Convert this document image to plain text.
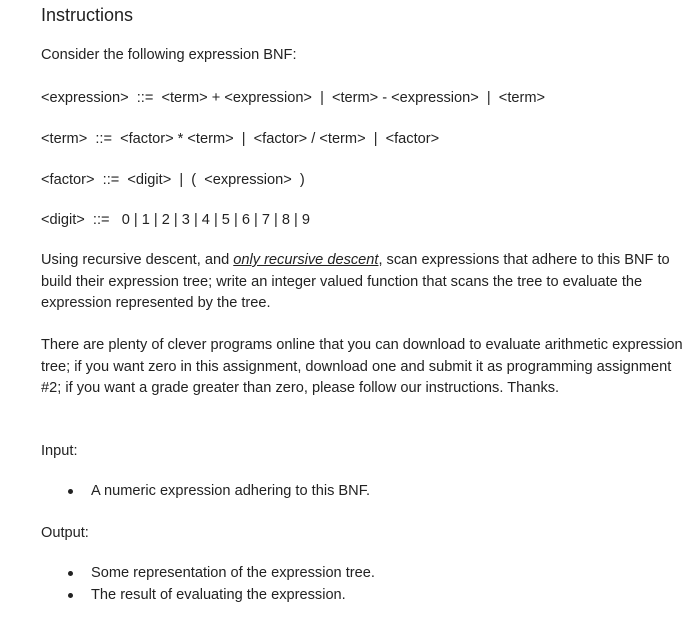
Instructions
Consider the following expression BNF:
<expression>  ::=  <term> + <expression>  |  <term> - <expression>  |  <term>
<term>  ::=  <factor> * <term>  |  <factor> / <term>  |  <factor>
<factor>  ::=  <digit>  |  (  <expression>  )
<digit>  ::=   0 | 1 | 2 | 3 | 4 | 5 | 6 | 7 | 8 | 9
Using recursive descent, and only recursive descent, scan expressions that adhere to this BNF to build their expression tree; write an integer valued function that scans the tree to evaluate the expression represented by the tree.
There are plenty of clever programs online that you can download to evaluate arithmetic expression tree; if you want zero in this assignment, download one and submit it as programming assignment #2; if you want a grade greater than zero, please follow our instructions. Thanks.
Input:
A numeric expression adhering to this BNF.
Output:
Some representation of the expression tree.
The result of evaluating the expression.
